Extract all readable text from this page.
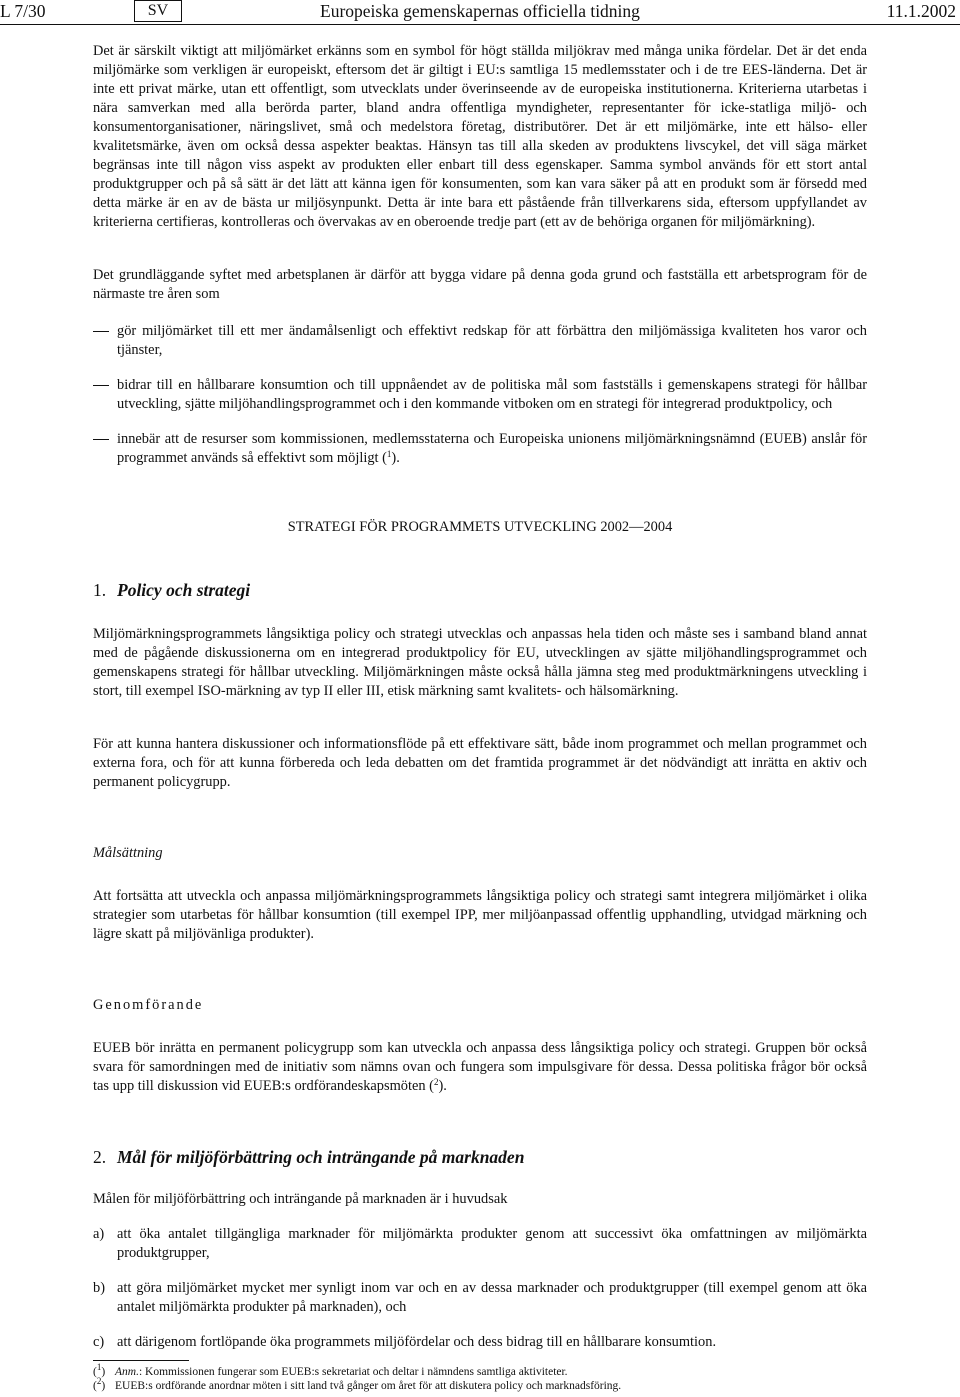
L 7/30	SV	Europeiska gemenskapernas officiella tidning	11.1.2002

Det är särskilt viktigt att miljömärket erkänns som en symbol för högt ställda miljökrav med många unika fördelar. Det är det enda miljömärke som verkligen är europeiskt, eftersom det är giltigt i EU:s samtliga 15 medlemsstater och i de tre EES-länderna. Det är inte ett privat märke, utan ett offentligt, som utvecklats under överinseende av de europeiska institutionerna. Kriterierna utarbetas i nära samverkan med alla berörda parter, bland andra offentliga myndigheter, representanter för icke-statliga miljö- och konsumentorganisationer, näringslivet, små och medelstora företag, distributörer. Det är ett miljömärke, inte ett hälso- eller kvalitetsmärke, även om också dessa aspekter beaktas. Hänsyn tas till alla skeden av produktens livscykel, det vill säga märket begränsas inte till någon viss aspekt av produkten eller enbart till dess egenskaper. Samma symbol används för ett stort antal produktgrupper och på så sätt är det lätt att känna igen för konsumenten, som kan vara säker på att en produkt som är försedd med detta märke är en av de bästa ur miljösynpunkt. Detta är inte bara ett påstående från tillverkarens sida, eftersom uppfyllandet av kriterierna certifieras, kontrolleras och övervakas av en oberoende tredje part (ett av de behöriga organen för miljömärkning).

Det grundläggande syftet med arbetsplanen är därför att bygga vidare på denna goda grund och fastställa ett arbetsprogram för de närmaste tre åren som

gör miljömärket till ett mer ändamålsenligt och effektivt redskap för att förbättra den miljömässiga kvaliteten hos varor och tjänster,
bidrar till en hållbarare konsumtion och till uppnåendet av de politiska mål som fastställs i gemenskapens strategi för hållbar utveckling, sjätte miljöhandlingsprogrammet och i den kommande vitboken om en strategi för integrerad produktpolicy, och
innebär att de resurser som kommissionen, medlemsstaterna och Europeiska unionens miljömärkningsnämnd (EUEB) anslår för programmet används så effektivt som möjligt ($^1$).
STRATEGI FÖR PROGRAMMETS UTVECKLING 2002—2004
1. Policy och strategi

Miljömärkningsprogrammets långsiktiga policy och strategi utvecklas och anpassas hela tiden och måste ses i samband bland annat med de pågående diskussionerna om en integrerad produktpolicy för EU, utvecklingen av sjätte miljöhandlingsprogrammet och gemenskapens strategi för hållbar utveckling. Miljömärkningen måste också hålla jämna steg med produktmärkningens utveckling i stort, till exempel ISO-märkning av typ II eller III, etisk märkning samt kvalitets- och hälsomärkning.

För att kunna hantera diskussioner och informationsflöde på ett effektivare sätt, både inom programmet och mellan programmet och externa fora, och för att kunna förbereda och leda debatten om det framtida programmet är det nödvändigt att inrätta en aktiv och permanent policygrupp.

Målsättning

Att fortsätta att utveckla och anpassa miljömärkningsprogrammets långsiktiga policy och strategi samt integrera miljömärket i olika strategier som utarbetas för hållbar konsumtion (till exempel IPP, mer miljöanpassad offentlig upphandling, utvidgad märkning och lägre skatt på miljövänliga produkter).

Genomförande

EUEB bör inrätta en permanent policygrupp som kan utveckla och anpassa dess långsiktiga policy och strategi. Gruppen bör också svara för samordningen med de initiativ som nämns ovan och fungera som impulsgivare för dessa. Dessa politiska frågor bör också tas upp till diskussion vid EUEB:s ordförandeskapsmöten ($^2$).

2. Mål för miljöförbättring och inträngande på marknaden

Målen för miljöförbättring och inträngande på marknaden är i huvudsak

a) att öka antalet tillgängliga marknader för miljömärkta produkter genom att successivt öka omfattningen av miljömärkta produktgrupper,
b) att göra miljömärket mycket mer synligt inom var och en av dessa marknader och produktgrupper (till exempel genom att öka antalet miljömärkta produkter på marknaden), och
c) att därigenom fortlöpande öka programmets miljöfördelar och dess bidrag till en hållbarare konsumtion.
($^1$) Anm.: Kommissionen fungerar som EUEB:s sekretariat och deltar i nämndens samtliga aktiviteter.
($^2$) EUEB:s ordförande anordnar möten i sitt land två gånger om året för att diskutera policy och marknadsföring.
